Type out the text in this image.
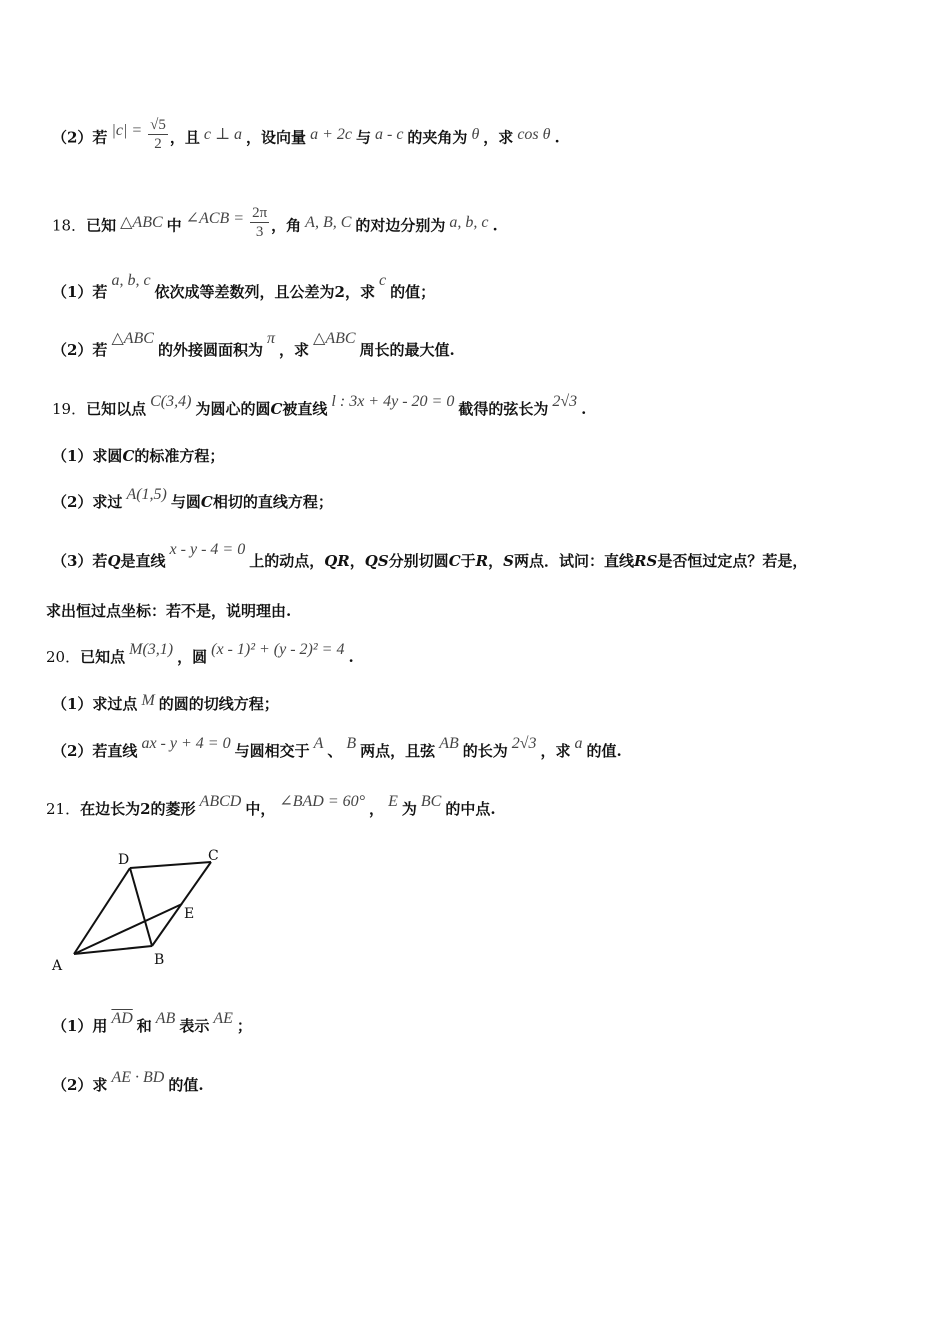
（2）若 $|c| = \frac{√5}{2}$ ，且 c ⊥ a ，设向量 a + 2c 与 a - c 的夹角为 θ ，求 cos θ .
18．已知 △ABC 中 ∠ACB = $\frac{2\pi}{3}$ ，角 A, B, C 的对边分别为 a, b, c .
（1）若a, b, c依次成等差数列，且公差为2，求c的值；
（2）若△ABC的外接圆面积为π，求△ABC周长的最大值.
19．已知以点 C(3,4) 为圆心的圆C被直线 l : 3x + 4y - 20 = 0 截得的弦长为 2√3 .
（1）求圆C的标准方程；
（2）求过 A(1,5) 与圆C相切的直线方程；
（3）若Q是直线x - y - 4 = 0上的动点，QR，QS分别切圆C于R，S两点．试问：直线RS是否恒过定点？若是，
求出恒过点坐标：若不是，说明理由.
20．已知点 M(3,1) ，圆 (x - 1)² + (y - 2)² = 4 .
（1）求过点 M 的圆的切线方程；
（2）若直线 ax - y + 4 = 0 与圆相交于 A 、 B 两点，且弦 AB 的长为 2√3 ，求 a 的值.
21．在边长为2的菱形 ABCD 中， ∠BAD = 60° ， E 为 BC 的中点.
A	B
C
D
E
（1）用 $\overline{AD}$ 和 AB 表示 AE ；
（2）求 AE · BD 的值.
